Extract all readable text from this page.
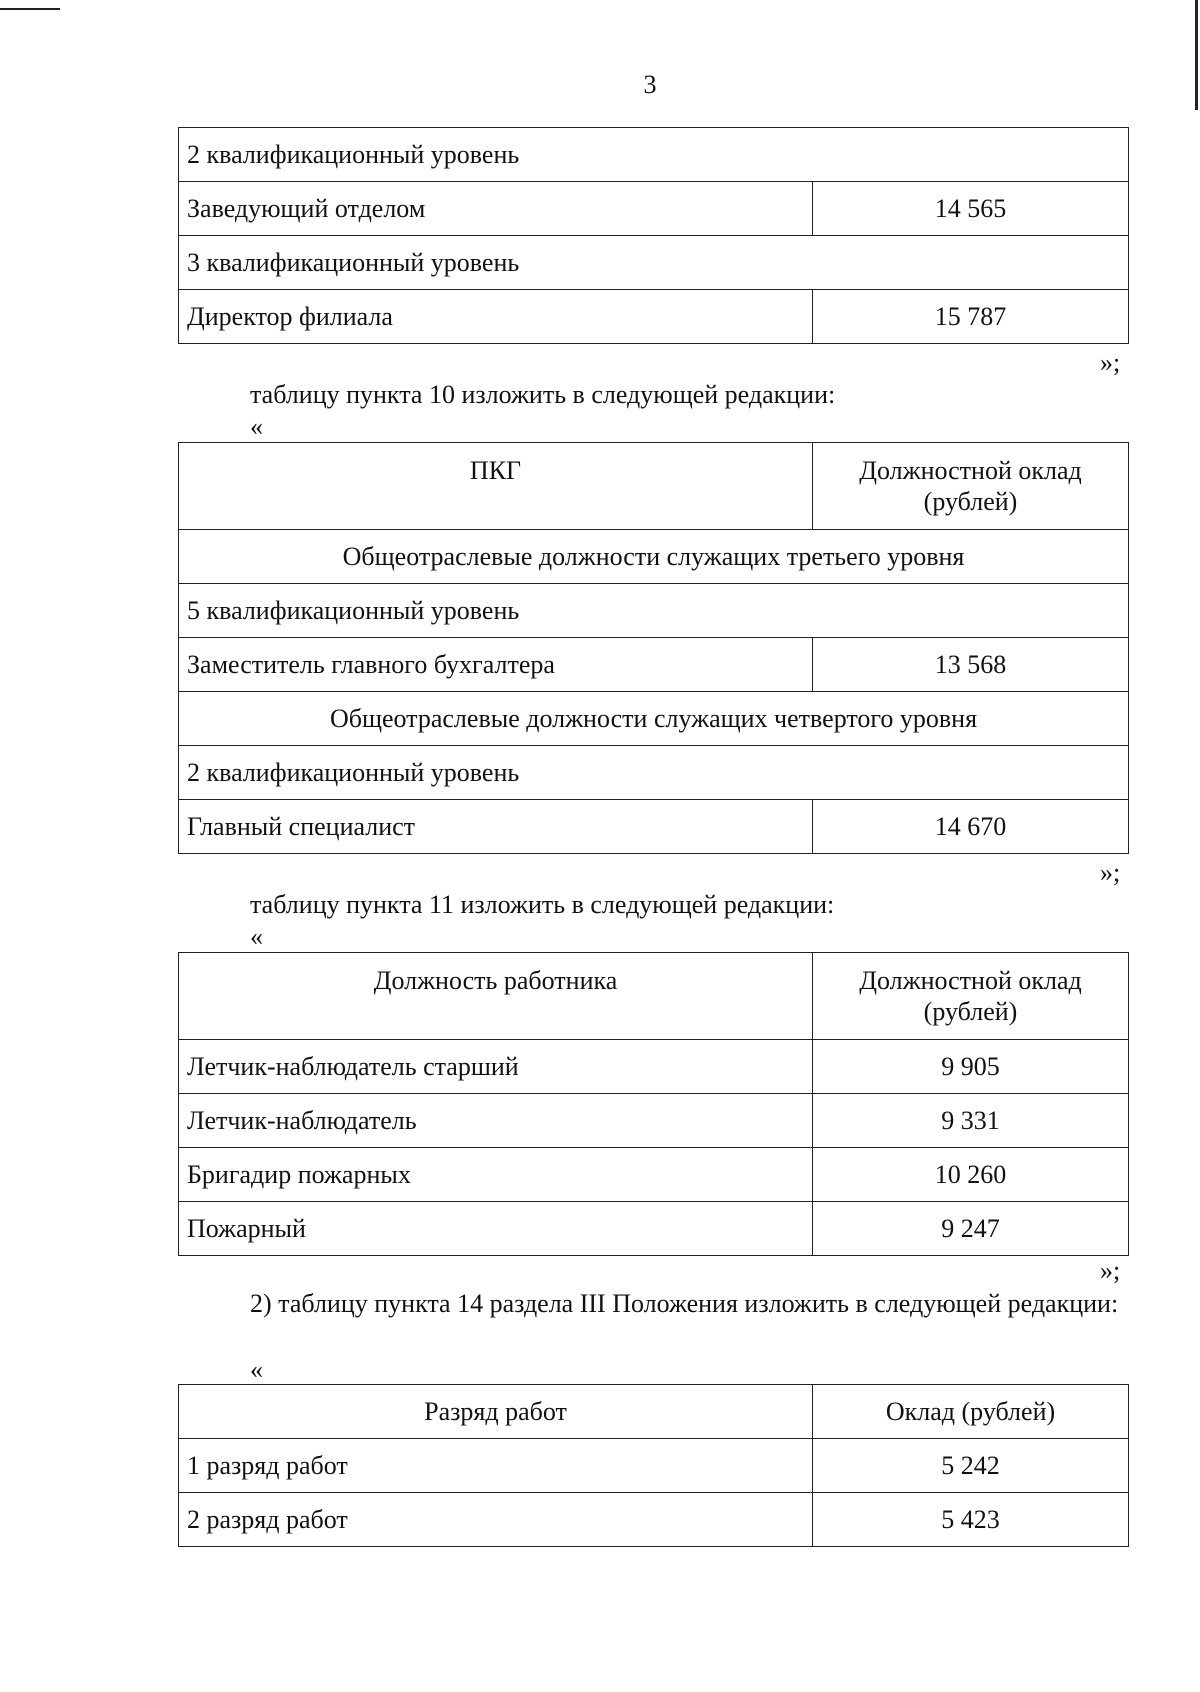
3
2 квалификационный уровень	
Заведующий отделом	14 565
3 квалификационный уровень	
Директор филиала	15 787
»;
таблицу пункта 10 изложить в следующей редакции:
«
ПКГ	Должностной оклад (рублей)
Общеотраслевые должности служащих третьего уровня	
5 квалификационный уровень	
Заместитель главного бухгалтера	13 568
Общеотраслевые должности служащих четвертого уровня	
2 квалификационный уровень	
Главный специалист	14 670
»;
таблицу пункта 11 изложить в следующей редакции:
«
Должность работника	Должностной оклад (рублей)
Летчик-наблюдатель старший	9 905
Летчик-наблюдатель	9 331
Бригадир пожарных	10 260
Пожарный	9 247
»;
2) таблицу пункта 14 раздела III Положения изложить в следующей редакции:
«
Разряд работ	Оклад (рублей)
1 разряд работ	5 242
2 разряд работ	5 423
